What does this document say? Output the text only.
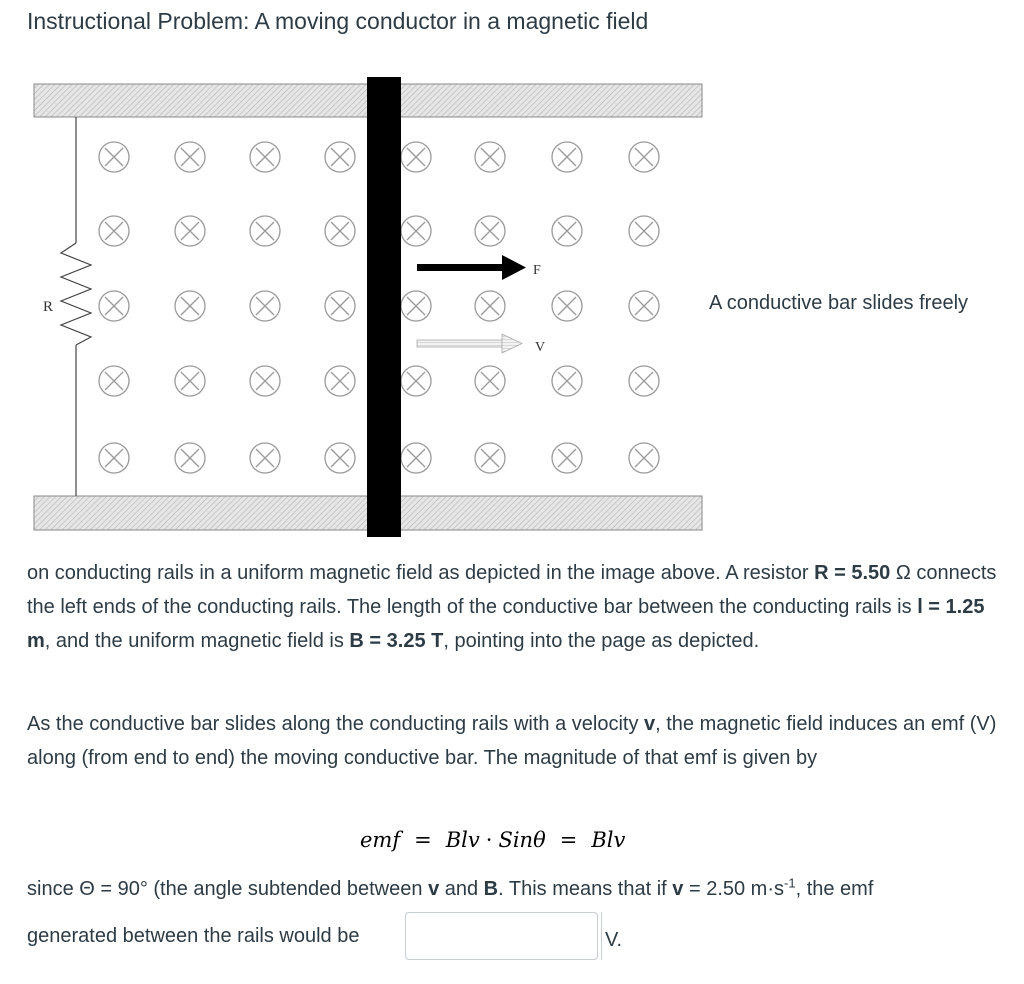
Instructional Problem: A moving conductor in a magnetic field
R
F
V
A conductive bar slides freely

on conducting rails in a uniform magnetic field as depicted in the image above. A resistor R = 5.50 Ω connects the left ends of the conducting rails. The length of the conductive bar between the conducting rails is l = 1.25 m, and the uniform magnetic field is B = 3.25 T, pointing into the page as depicted.

As the conductive bar slides along the conducting rails with a velocity v, the magnetic field induces an emf (V) along (from end to end) the moving conductive bar. The magnitude of that emf is given by

emf = Blv · Sinθ = Blv
since Θ = 90° (the angle subtended between v and B. This means that if v = 2.50 $m\cdot s^{-1}$, the emf
generated between the rails would be	V.
